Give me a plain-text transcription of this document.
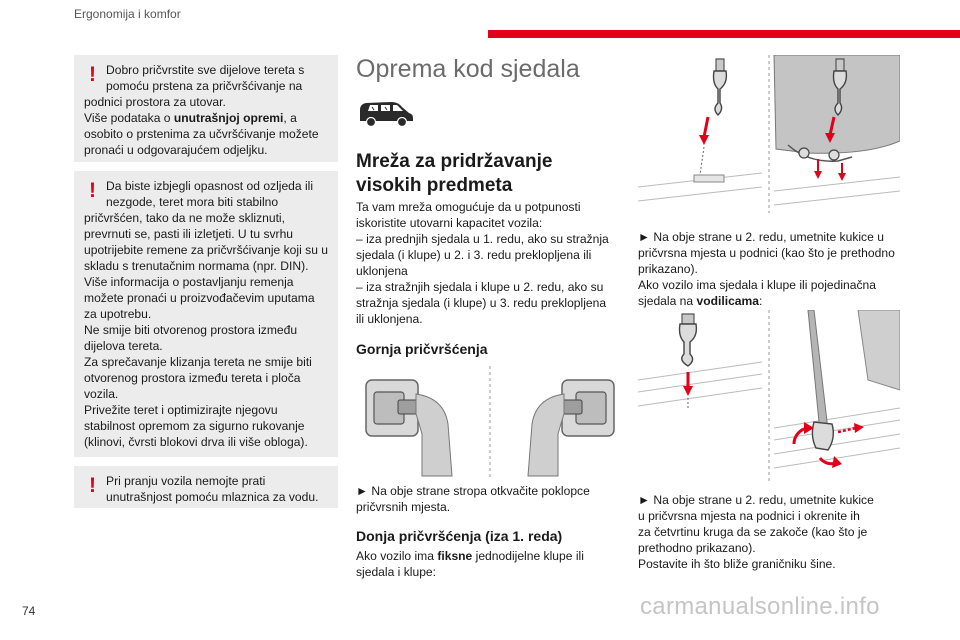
Ergonomija i komfor
! Dobro pričvrstite sve dijelove tereta s

pomoću prstena za pričvršćivanje na

podnici prostora za utovar.

Više podataka o unutrašnjoj opremi, a

osobito o prstenima za učvršćivanje možete

pronaći u odgovarajućem odjeljku.

! Da biste izbjegli opasnost od ozljeda ili

nezgode, teret mora biti stabilno

pričvršćen, tako da ne može skliznuti,

prevrnuti se, pasti ili izletjeti. U tu svrhu

upotrijebite remene za pričvršćivanje koji su u

skladu s trenutačnim normama (npr. DIN).

Više informacija o postavljanju remenja

možete pronaći u proizvođačevim uputama

za upotrebu.

Ne smije biti otvorenog prostora između

dijelova tereta.

Za sprečavanje klizanja tereta ne smije biti

otvorenog prostora između tereta i ploča

vozila.

Privežite teret i optimizirajte njegovu

stabilnost opremom za sigurno rukovanje

(klinovi, čvrsti blokovi drva ili više obloga).

! Pri pranju vozila nemojte prati

unutrašnjost pomoću mlaznica za vodu.

Oprema kod sjedala
Mreža za pridržavanje
visokih predmeta

Ta vam mreža omogućuje da u potpunosti

iskoristite utovarni kapacitet vozila:

– iza prednjih sjedala u 1. redu, ako su stražnja

sjedala (i klupe) u 2. i 3. redu preklopljena ili

uklonjena

– iza stražnjih sjedala i klupe u 2. redu, ako su

stražnja sjedala (i klupe) u 3. redu preklopljena

ili uklonjena.

Gornja pričvršćenja

► Na obje strane stropa otkvačite poklopce

pričvrsnih mjesta.

Donja pričvršćenja (iza 1. reda)

Ako vozilo ima fiksne jednodijelne klupe ili

sjedala i klupe:

► Na obje strane u 2. redu, umetnite kukice u

pričvrsna mjesta u podnici (kao što je prethodno

prikazano).

Ako vozilo ima sjedala i klupe ili pojedinačna

sjedala na vodilicama:

► Na obje strane u 2. redu, umetnite kukice

u pričvrsna mjesta na podnici i okrenite ih

za četvrtinu kruga da se zakoče (kao što je

prethodno prikazano).

Postavite ih što bliže graničniku šine.

74	carmanualsonline.info
